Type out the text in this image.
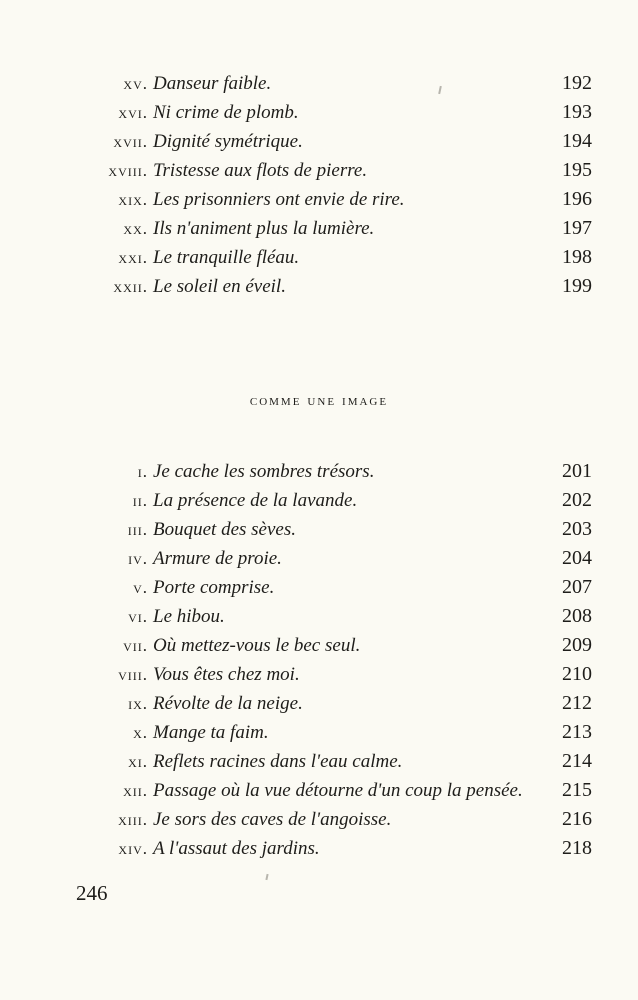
xv. Danseur faible.	192
xvi. Ni crime de plomb.	193
xvii. Dignité symétrique.	194
xviii. Tristesse aux flots de pierre.	195
xix. Les prisonniers ont envie de rire.	196
xx. Ils n'animent plus la lumière.	197
xxi. Le tranquille fléau.	198
xxii. Le soleil en éveil.	199
comme une image
i. Je cache les sombres trésors.	201
ii. La présence de la lavande.	202
iii. Bouquet des sèves.	203
iv. Armure de proie.	204
v. Porte comprise.	207
vi. Le hibou.	208
vii. Où mettez-vous le bec seul.	209
viii. Vous êtes chez moi.	210
ix. Révolte de la neige.	212
x. Mange ta faim.	213
xi. Reflets racines dans l'eau calme.	214
xii. Passage où la vue détourne d'un coup la pensée. 215
xiii. Je sors des caves de l'angoisse.	216
xiv. A l'assaut des jardins.	218
246
